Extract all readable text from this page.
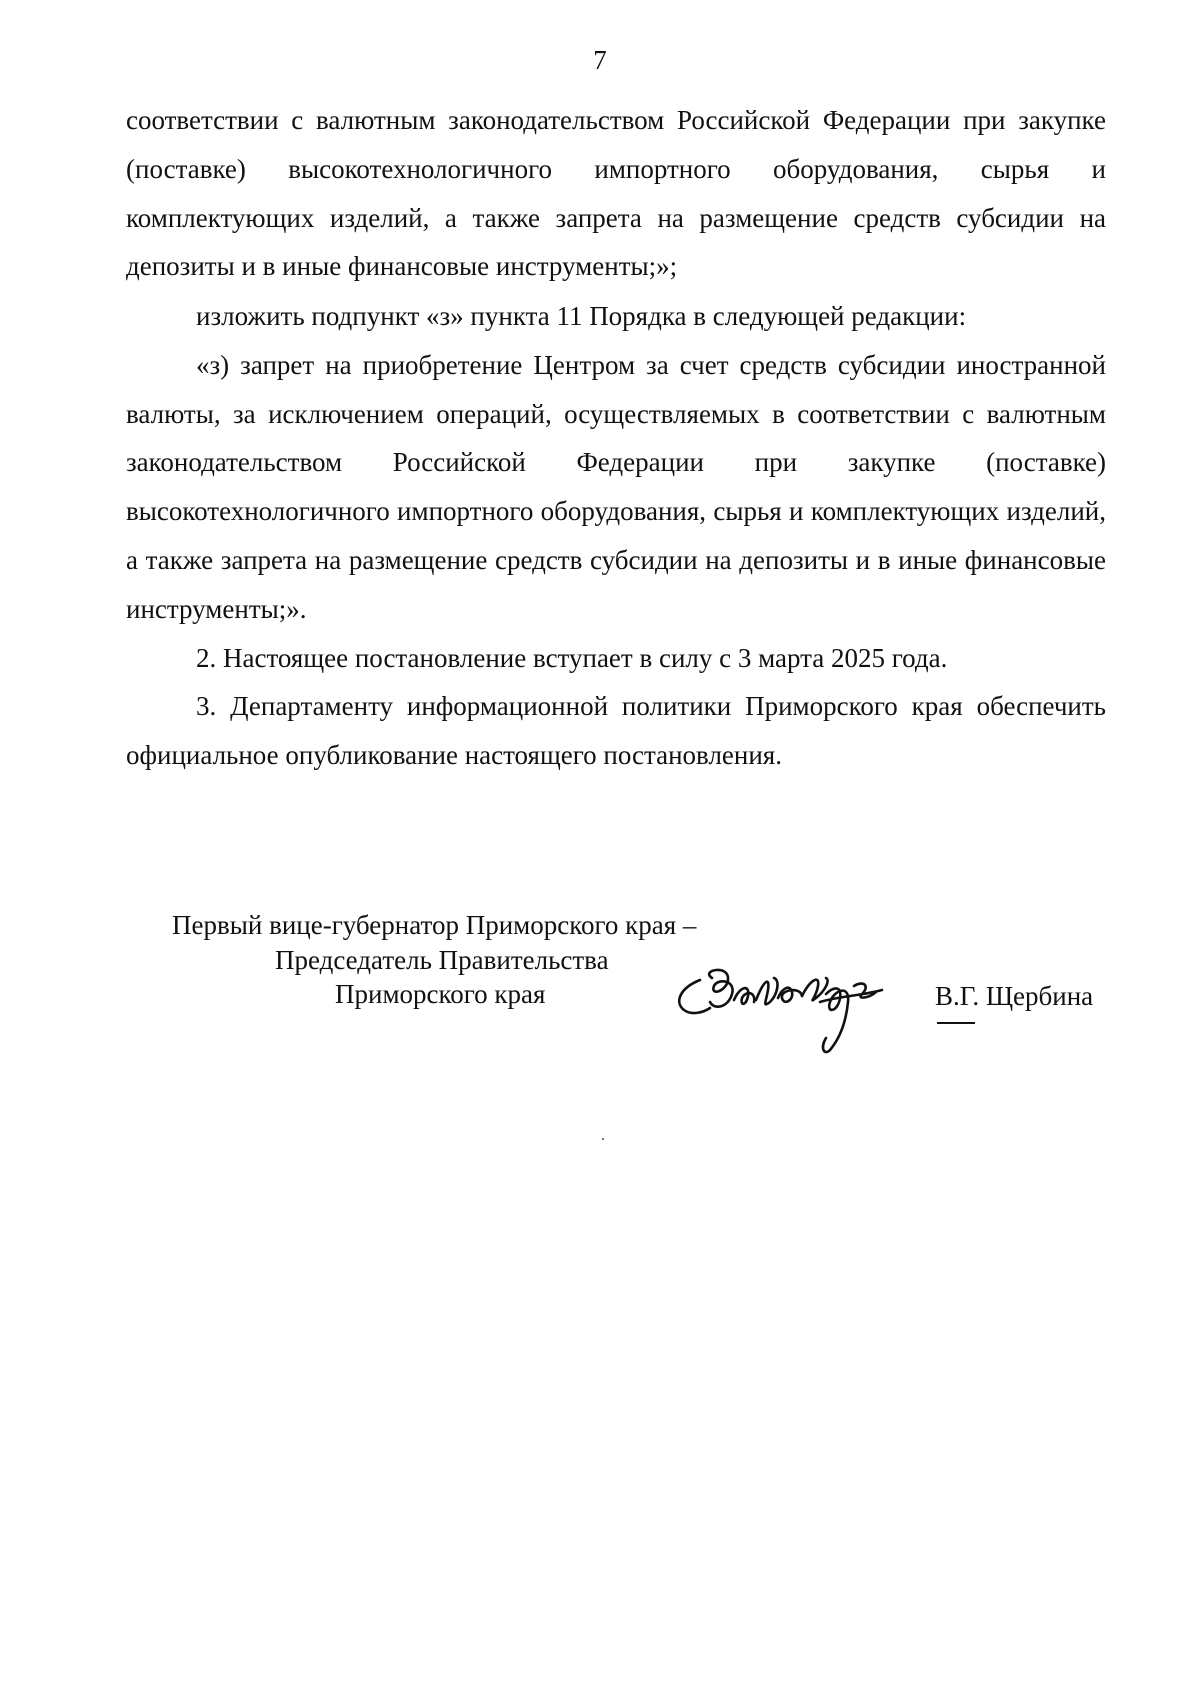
7

соответствии с валютным законодательством Российской Федерации при закупке (поставке) высокотехнологичного импортного оборудования, сырья и комплектующих изделий, а также запрета на размещение средств субсидии на депозиты и в иные финансовые инструменты;»;

изложить подпункт «з» пункта 11 Порядка в следующей редакции:

«з) запрет на приобретение Центром за счет средств субсидии иностранной валюты, за исключением операций, осуществляемых в соответствии с валютным законодательством Российской Федерации при закупке (поставке) высокотехнологичного импортного оборудования, сырья и комплектующих изделий, а также запрета на размещение средств субсидии на депозиты и в иные финансовые инструменты;».

2. Настоящее постановление вступает в силу с 3 марта 2025 года.

3. Департаменту информационной политики Приморского края обеспечить официальное опубликование настоящего постановления.

Первый вице-губернатор Приморского края –
Председатель Правительства
Приморского края	В.Г. Щербина
